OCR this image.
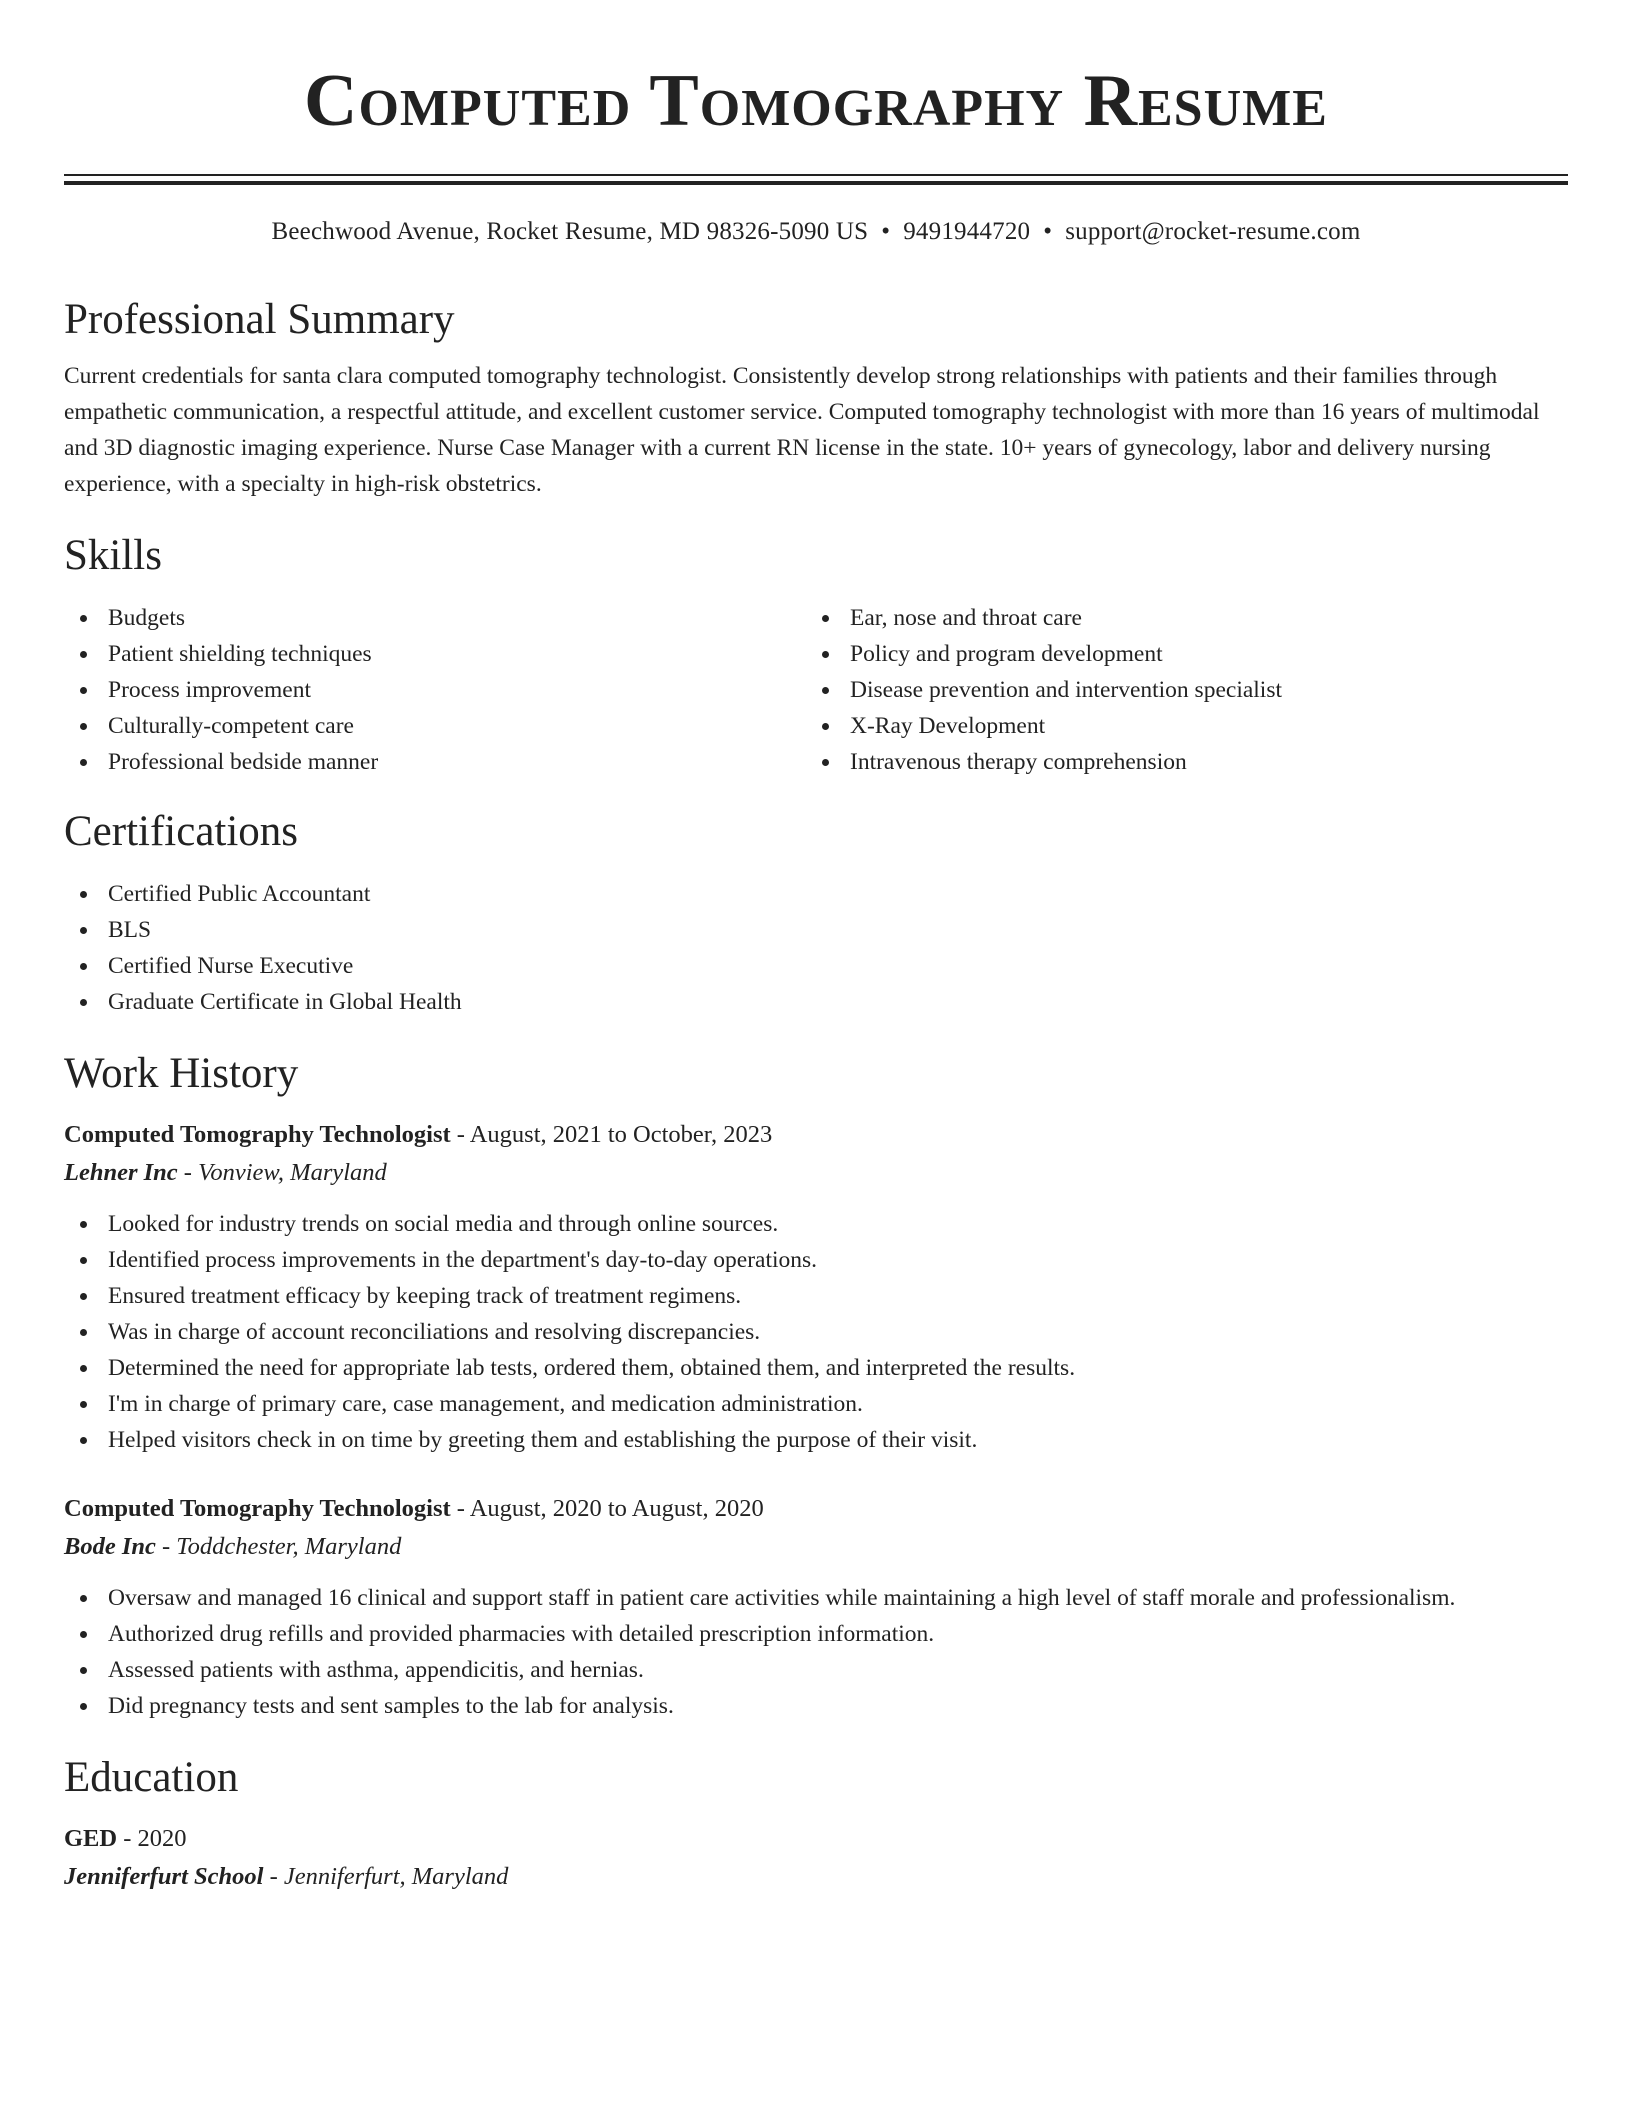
Computed Tomography Resume
Beechwood Avenue, Rocket Resume, MD 98326-5090 US • 9491944720 • support@rocket-resume.com
Professional Summary

Current credentials for santa clara computed tomography technologist. Consistently develop strong relationships with patients and their families through empathetic communication, a respectful attitude, and excellent customer service. Computed tomography technologist with more than 16 years of multimodal and 3D diagnostic imaging experience. Nurse Case Manager with a current RN license in the state. 10+ years of gynecology, labor and delivery nursing experience, with a specialty in high-risk obstetrics.

Skills
Budgets
Patient shielding techniques
Process improvement
Culturally-competent care
Professional bedside manner
Ear, nose and throat care
Policy and program development
Disease prevention and intervention specialist
X-Ray Development
Intravenous therapy comprehension
Certifications
Certified Public Accountant
BLS
Certified Nurse Executive
Graduate Certificate in Global Health
Work History
Computed Tomography Technologist - August, 2021 to October, 2023
Lehner Inc - Vonview, Maryland
Looked for industry trends on social media and through online sources.
Identified process improvements in the department's day-to-day operations.
Ensured treatment efficacy by keeping track of treatment regimens.
Was in charge of account reconciliations and resolving discrepancies.
Determined the need for appropriate lab tests, ordered them, obtained them, and interpreted the results.
I'm in charge of primary care, case management, and medication administration.
Helped visitors check in on time by greeting them and establishing the purpose of their visit.
Computed Tomography Technologist - August, 2020 to August, 2020
Bode Inc - Toddchester, Maryland
Oversaw and managed 16 clinical and support staff in patient care activities while maintaining a high level of staff morale and professionalism.
Authorized drug refills and provided pharmacies with detailed prescription information.
Assessed patients with asthma, appendicitis, and hernias.
Did pregnancy tests and sent samples to the lab for analysis.
Education
GED - 2020
Jenniferfurt School - Jenniferfurt, Maryland
